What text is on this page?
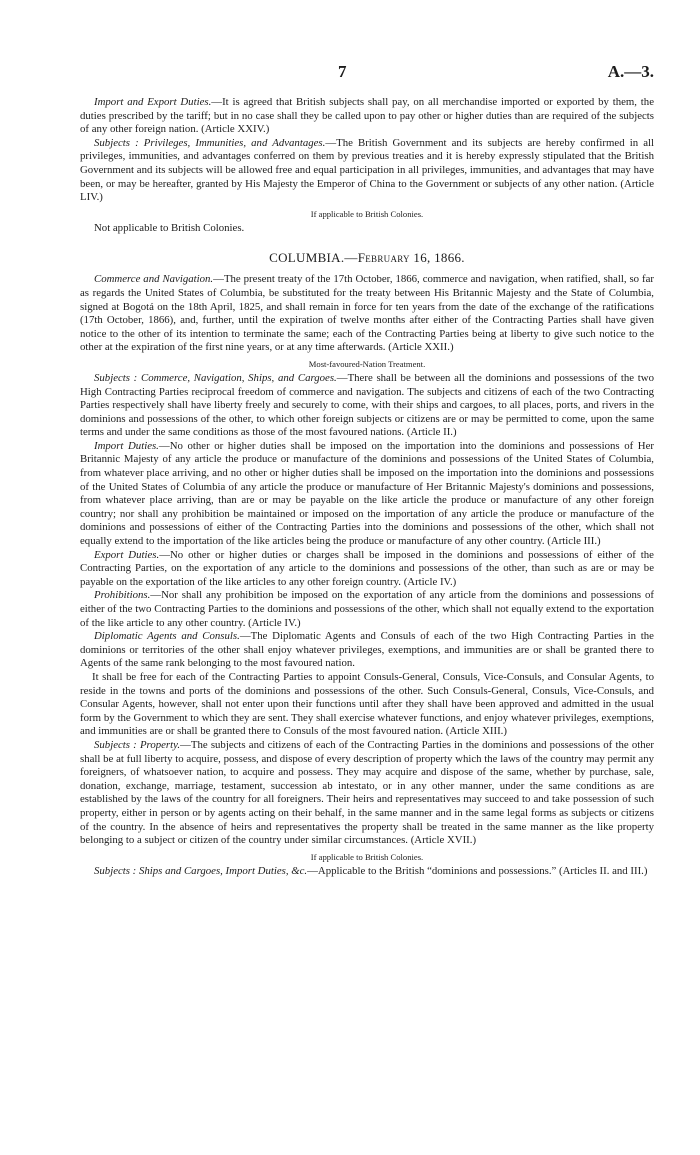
7	A.—3.

Import and Export Duties.—It is agreed that British subjects shall pay, on all merchandise imported or exported by them, the duties prescribed by the tariff; but in no case shall they be called upon to pay other or higher duties than are required of the subjects of any other foreign nation. (Article XXIV.)

Subjects : Privileges, Immunities, and Advantages.—The British Government and its subjects are hereby confirmed in all privileges, immunities, and advantages conferred on them by previous treaties and it is hereby expressly stipulated that the British Government and its subjects will be allowed free and equal participation in all privileges, immunities, and advantages that may have been, or may be hereafter, granted by His Majesty the Emperor of China to the Government or subjects of any other nation. (Article LIV.)

If applicable to British Colonies.

Not applicable to British Colonies.

COLUMBIA.—February 16, 1866.

Commerce and Navigation.—The present treaty of the 17th October, 1866, commerce and navigation, when ratified, shall, so far as regards the United States of Columbia, be substituted for the treaty between His Britannic Majesty and the State of Columbia, signed at Bogotá on the 18th April, 1825, and shall remain in force for ten years from the date of the exchange of the ratifications (17th October, 1866), and, further, until the expiration of twelve months after either of the Contracting Parties shall have given notice to the other of its intention to terminate the same; each of the Contracting Parties being at liberty to give such notice to the other at the expiration of the first nine years, or at any time afterwards. (Article XXII.)

Most-favoured-Nation Treatment.

Subjects : Commerce, Navigation, Ships, and Cargoes.—There shall be between all the dominions and possessions of the two High Contracting Parties reciprocal freedom of commerce and navigation. The subjects and citizens of each of the two Contracting Parties respectively shall have liberty freely and securely to come, with their ships and cargoes, to all places, ports, and rivers in the dominions and possessions of the other, to which other foreign subjects or citizens are or may be permitted to come, upon the same terms and under the same conditions as those of the most favoured nations. (Article II.)

Import Duties.—No other or higher duties shall be imposed on the importation into the dominions and possessions of Her Britannic Majesty of any article the produce or manufacture of the dominions and possessions of the United States of Columbia, from whatever place arriving, and no other or higher duties shall be imposed on the importation into the dominions and possessions of the United States of Columbia of any article the produce or manufacture of Her Britannic Majesty's dominions and possessions, from whatever place arriving, than are or may be payable on the like article the produce or manufacture of any other foreign country; nor shall any prohibition be maintained or imposed on the importation of any article the produce or manufacture of the dominions and possessions of either of the Contracting Parties into the dominions and possessions of the other, which shall not equally extend to the importation of the like articles being the produce or manufacture of any other country. (Article III.)

Export Duties.—No other or higher duties or charges shall be imposed in the dominions and possessions of either of the Contracting Parties, on the exportation of any article to the dominions and possessions of the other, than such as are or may be payable on the exportation of the like articles to any other foreign country. (Article IV.)

Prohibitions.—Nor shall any prohibition be imposed on the exportation of any article from the dominions and possessions of either of the two Contracting Parties to the dominions and possessions of the other, which shall not equally extend to the exportation of the like article to any other country. (Article IV.)

Diplomatic Agents and Consuls.—The Diplomatic Agents and Consuls of each of the two High Contracting Parties in the dominions or territories of the other shall enjoy whatever privileges, exemptions, and immunities are or shall be granted there to Agents of the same rank belonging to the most favoured nation.

It shall be free for each of the Contracting Parties to appoint Consuls-General, Consuls, Vice-Consuls, and Consular Agents, to reside in the towns and ports of the dominions and possessions of the other. Such Consuls-General, Consuls, Vice-Consuls, and Consular Agents, however, shall not enter upon their functions until after they shall have been approved and admitted in the usual form by the Government to which they are sent. They shall exercise whatever functions, and enjoy whatever privileges, exemptions, and immunities are or shall be granted there to Consuls of the most favoured nation. (Article XIII.)

Subjects : Property.—The subjects and citizens of each of the Contracting Parties in the dominions and possessions of the other shall be at full liberty to acquire, possess, and dispose of every description of property which the laws of the country may permit any foreigners, of whatsoever nation, to acquire and possess. They may acquire and dispose of the same, whether by purchase, sale, donation, exchange, marriage, testament, succession ab intestato, or in any other manner, under the same conditions as are established by the laws of the country for all foreigners. Their heirs and representatives may succeed to and take possession of such property, either in person or by agents acting on their behalf, in the same manner and in the same legal forms as subjects or citizens of the country. In the absence of heirs and representatives the property shall be treated in the same manner as the like property belonging to a subject or citizen of the country under similar circumstances. (Article XVII.)

If applicable to British Colonies.

Subjects : Ships and Cargoes, Import Duties, &c.—Applicable to the British “dominions and possessions.” (Articles II. and III.)
